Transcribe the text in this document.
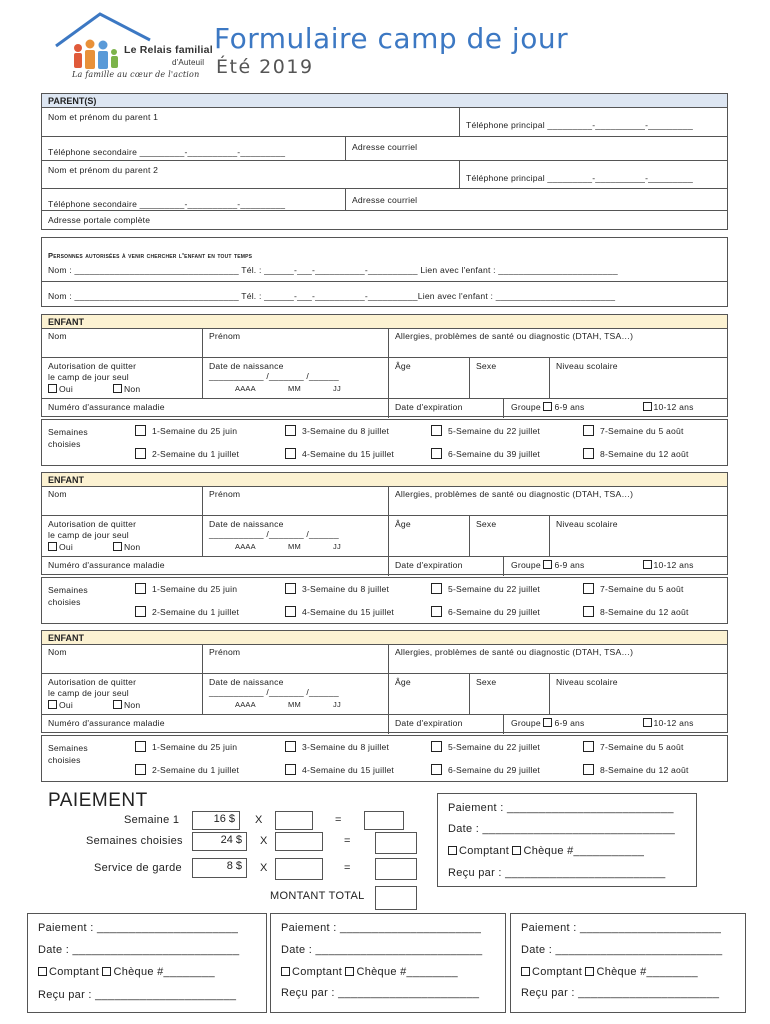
Le Relais familial
d'Auteuil
La famille au cœur de l'action
Formulaire camp de jour
Été 2019
PARENT(S)
Nom et prénom du parent 1
Téléphone principal _________-__________-_________
Téléphone secondaire _________-__________-_________	Adresse courriel
Nom et prénom du parent 2
Téléphone principal _________-__________-_________
Téléphone secondaire _________-__________-_________	Adresse courriel
Adresse portale complète
Personnes autorisées à venir chercher l'enfant en tout temps
Nom : _________________________________ Tél. : ______-___-__________-__________ Lien avec l'enfant : ________________________
Nom : _________________________________ Tél. : ______-___-__________-__________Lien avec l'enfant : ________________________
ENFANT
Nom	Prénom	Allergies, problèmes de santé ou diagnostic (DTAH, TSA…)
Autorisation de quitter
le camp de jour seul
Oui	Non
Date de naissance
___________ /_______ /______
AAAA	MM	JJ
Âge	Sexe	Niveau scolaire
Numéro d'assurance maladie	Date d'expiration	Groupe 6-9 ans	10-12 ans
Semaines
choisies
1-Semaine du 25 juin	3-Semaine du 8 juillet	5-Semaine du 22 juillet	7-Semaine du 5 août
2-Semaine du 1 juillet	4-Semaine du 15 juillet	6-Semaine du 39 juillet	8-Semaine du 12 août
ENFANT
Nom	Prénom	Allergies, problèmes de santé ou diagnostic (DTAH, TSA…)
Autorisation de quitter
le camp de jour seul
Oui	Non
Date de naissance
___________ /_______ /______
AAAA	MM	JJ
Âge	Sexe	Niveau scolaire
Numéro d'assurance maladie	Date d'expiration	Groupe 6-9 ans	10-12 ans
Semaines
choisies
1-Semaine du 25 juin	3-Semaine du 8 juillet	5-Semaine du 22 juillet	7-Semaine du 5 août
2-Semaine du 1 juillet	4-Semaine du 15 juillet	6-Semaine du 29 juillet	8-Semaine du 12 août
ENFANT
Nom	Prénom	Allergies, problèmes de santé ou diagnostic (DTAH, TSA…)
Autorisation de quitter
le camp de jour seul
Oui	Non
Date de naissance
___________ /_______ /______
AAAA	MM	JJ
Âge	Sexe	Niveau scolaire
Numéro d'assurance maladie	Date d'expiration	Groupe 6-9 ans	10-12 ans
Semaines
choisies
1-Semaine du 25 juin	3-Semaine du 8 juillet	5-Semaine du 22 juillet	7-Semaine du 5 août
2-Semaine du 1 juillet	4-Semaine du 15 juillet	6-Semaine du 29 juillet	8-Semaine du 12 août
PAIEMENT
Semaine 1	16 $	X	=
Semaines choisies	24 $	X	=
Service de garde	8 $	X	=
MONTANT TOTAL
Paiement : __________________________
Date : ______________________________
Comptant Chèque #___________
Reçu par : _________________________
Paiement : ______________________
Date : __________________________
Comptant Chèque #________
Reçu par : ______________________
Paiement : ______________________
Date : __________________________
Comptant Chèque #________
Reçu par : ______________________
Paiement : ______________________
Date : __________________________
Comptant Chèque #________
Reçu par : ______________________
